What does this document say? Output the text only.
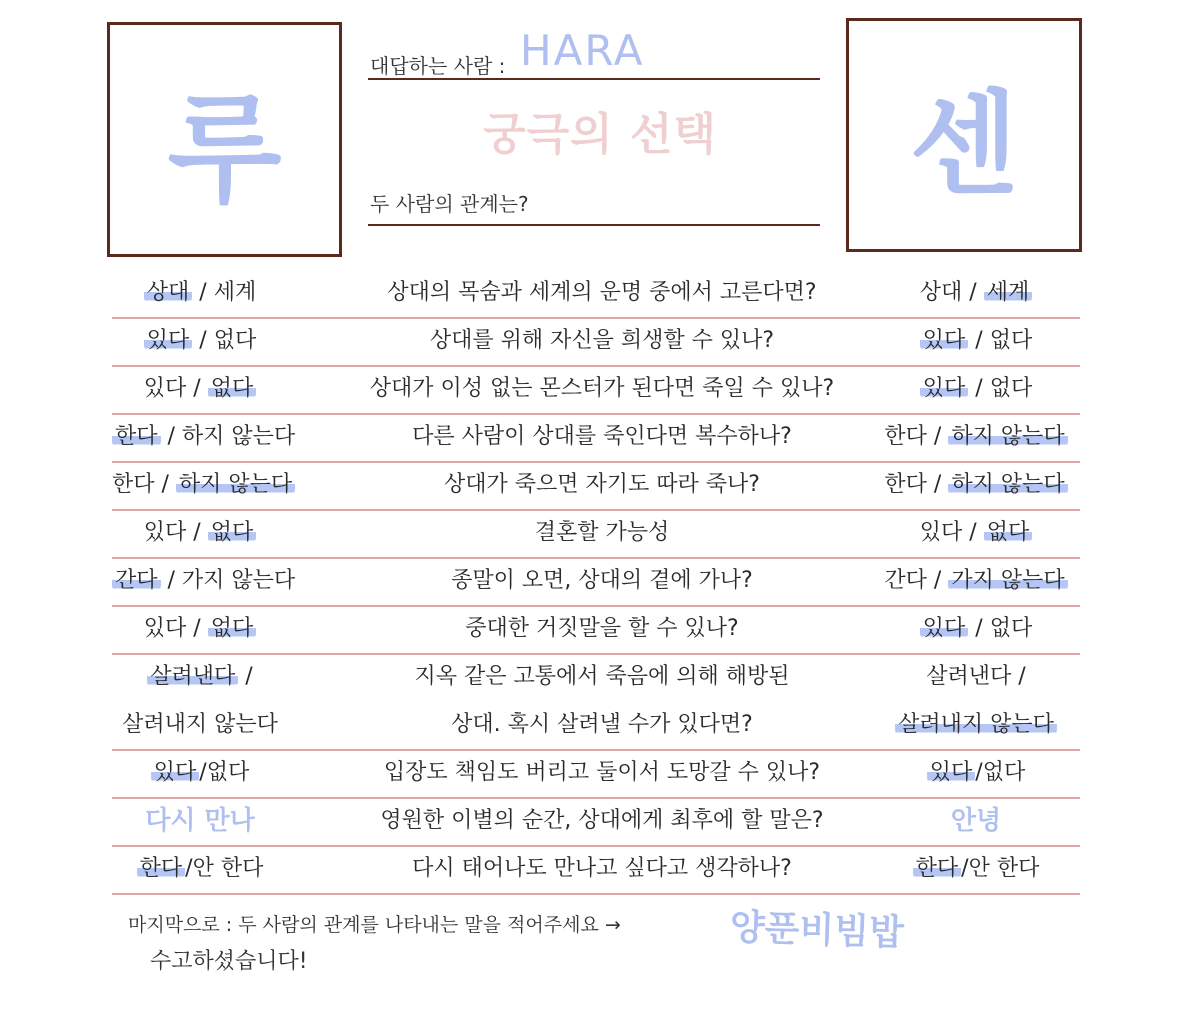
루	센
대답하는 사람 : HARA
궁극의 선택
두 사람의 관계는?
상대 / 세계	상대의 목숨과 세계의 운명 중에서 고른다면?	상대 / 세계
있다 / 없다	상대를 위해 자신을 희생할 수 있나?	있다 / 없다
있다 / 없다	상대가 이성 없는 몬스터가 된다면 죽일 수 있나?	있다 / 없다
한다 / 하지 않는다	다른 사람이 상대를 죽인다면 복수하나?	한다 / 하지 않는다
한다 / 하지 않는다	상대가 죽으면 자기도 따라 죽나?	한다 / 하지 않는다
있다 / 없다	결혼할 가능성	있다 / 없다
간다 / 가지 않는다	종말이 오면, 상대의 곁에 가나?	간다 / 가지 않는다
있다 / 없다	중대한 거짓말을 할 수 있나?	있다 / 없다
살려낸다 /	지옥 같은 고통에서 죽음에 의해 해방된	살려낸다 /
살려내지 않는다	상대. 혹시 살려낼 수가 있다면?	살려내지 않는다
있다 /없다	입장도 책임도 버리고 둘이서 도망갈 수 있나?	있다 /없다
다시 만나	영원한 이별의 순간, 상대에게 최후에 할 말은?	안녕
한다 /안 한다	다시 태어나도 만나고 싶다고 생각하나?	한다 /안 한다
마지막으로 : 두 사람의 관계를 나타내는 말을 적어주세요 →	양푼비빔밥
수고하셨습니다!
